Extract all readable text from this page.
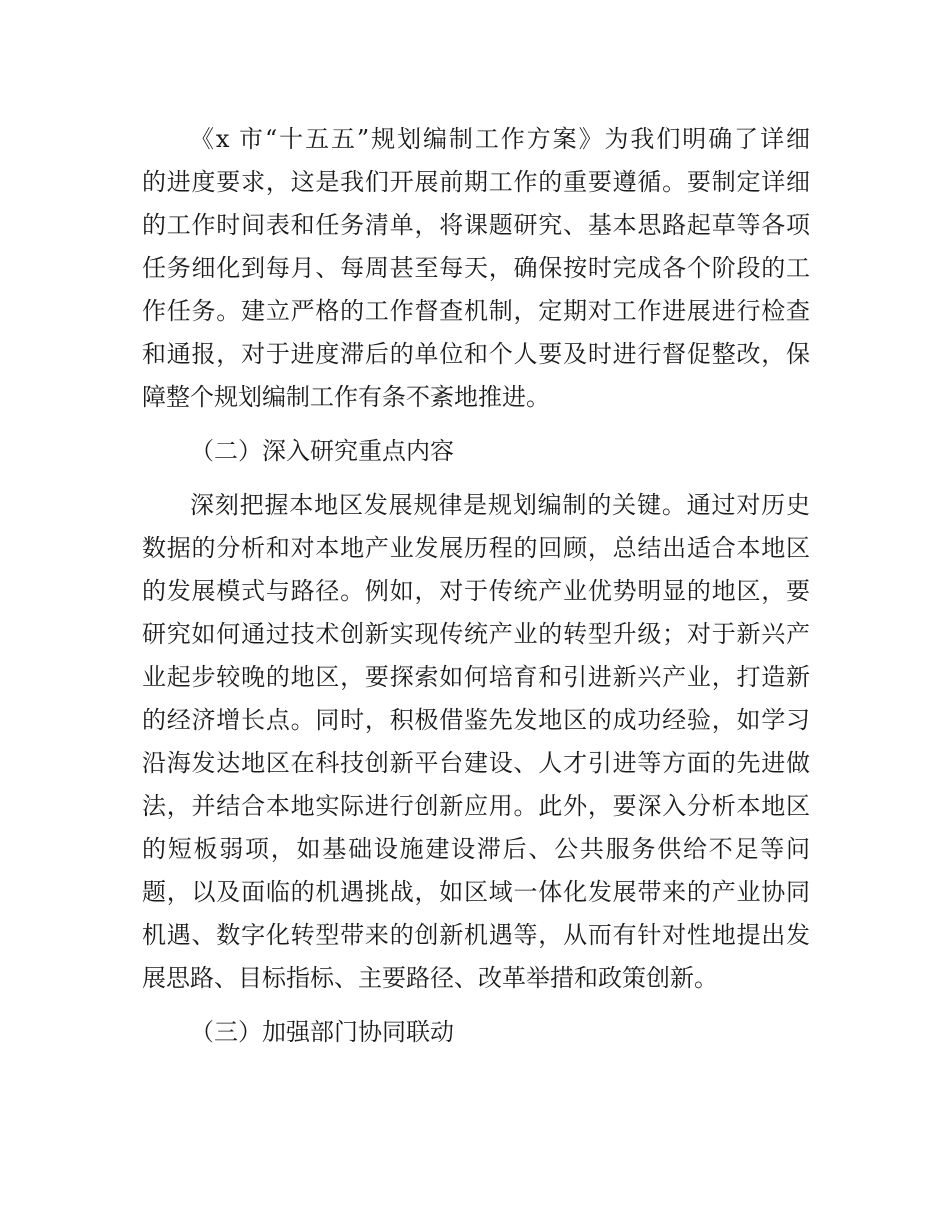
《x 市“十五五”规划编制工作方案》为我们明确了详细
的进度要求，这是我们开展前期工作的重要遵循。要制定详细
的工作时间表和任务清单，将课题研究、基本思路起草等各项
任务细化到每月、每周甚至每天，确保按时完成各个阶段的工
作任务。建立严格的工作督查机制，定期对工作进展进行检查
和通报，对于进度滞后的单位和个人要及时进行督促整改，保
障整个规划编制工作有条不紊地推进。
（二）深入研究重点内容
深刻把握本地区发展规律是规划编制的关键。通过对历史
数据的分析和对本地产业发展历程的回顾，总结出适合本地区
的发展模式与路径。例如，对于传统产业优势明显的地区，要
研究如何通过技术创新实现传统产业的转型升级；对于新兴产
业起步较晚的地区，要探索如何培育和引进新兴产业，打造新
的经济增长点。同时，积极借鉴先发地区的成功经验，如学习
沿海发达地区在科技创新平台建设、人才引进等方面的先进做
法，并结合本地实际进行创新应用。此外，要深入分析本地区
的短板弱项，如基础设施建设滞后、公共服务供给不足等问
题，以及面临的机遇挑战，如区域一体化发展带来的产业协同
机遇、数字化转型带来的创新机遇等，从而有针对性地提出发
展思路、目标指标、主要路径、改革举措和政策创新。
（三）加强部门协同联动
